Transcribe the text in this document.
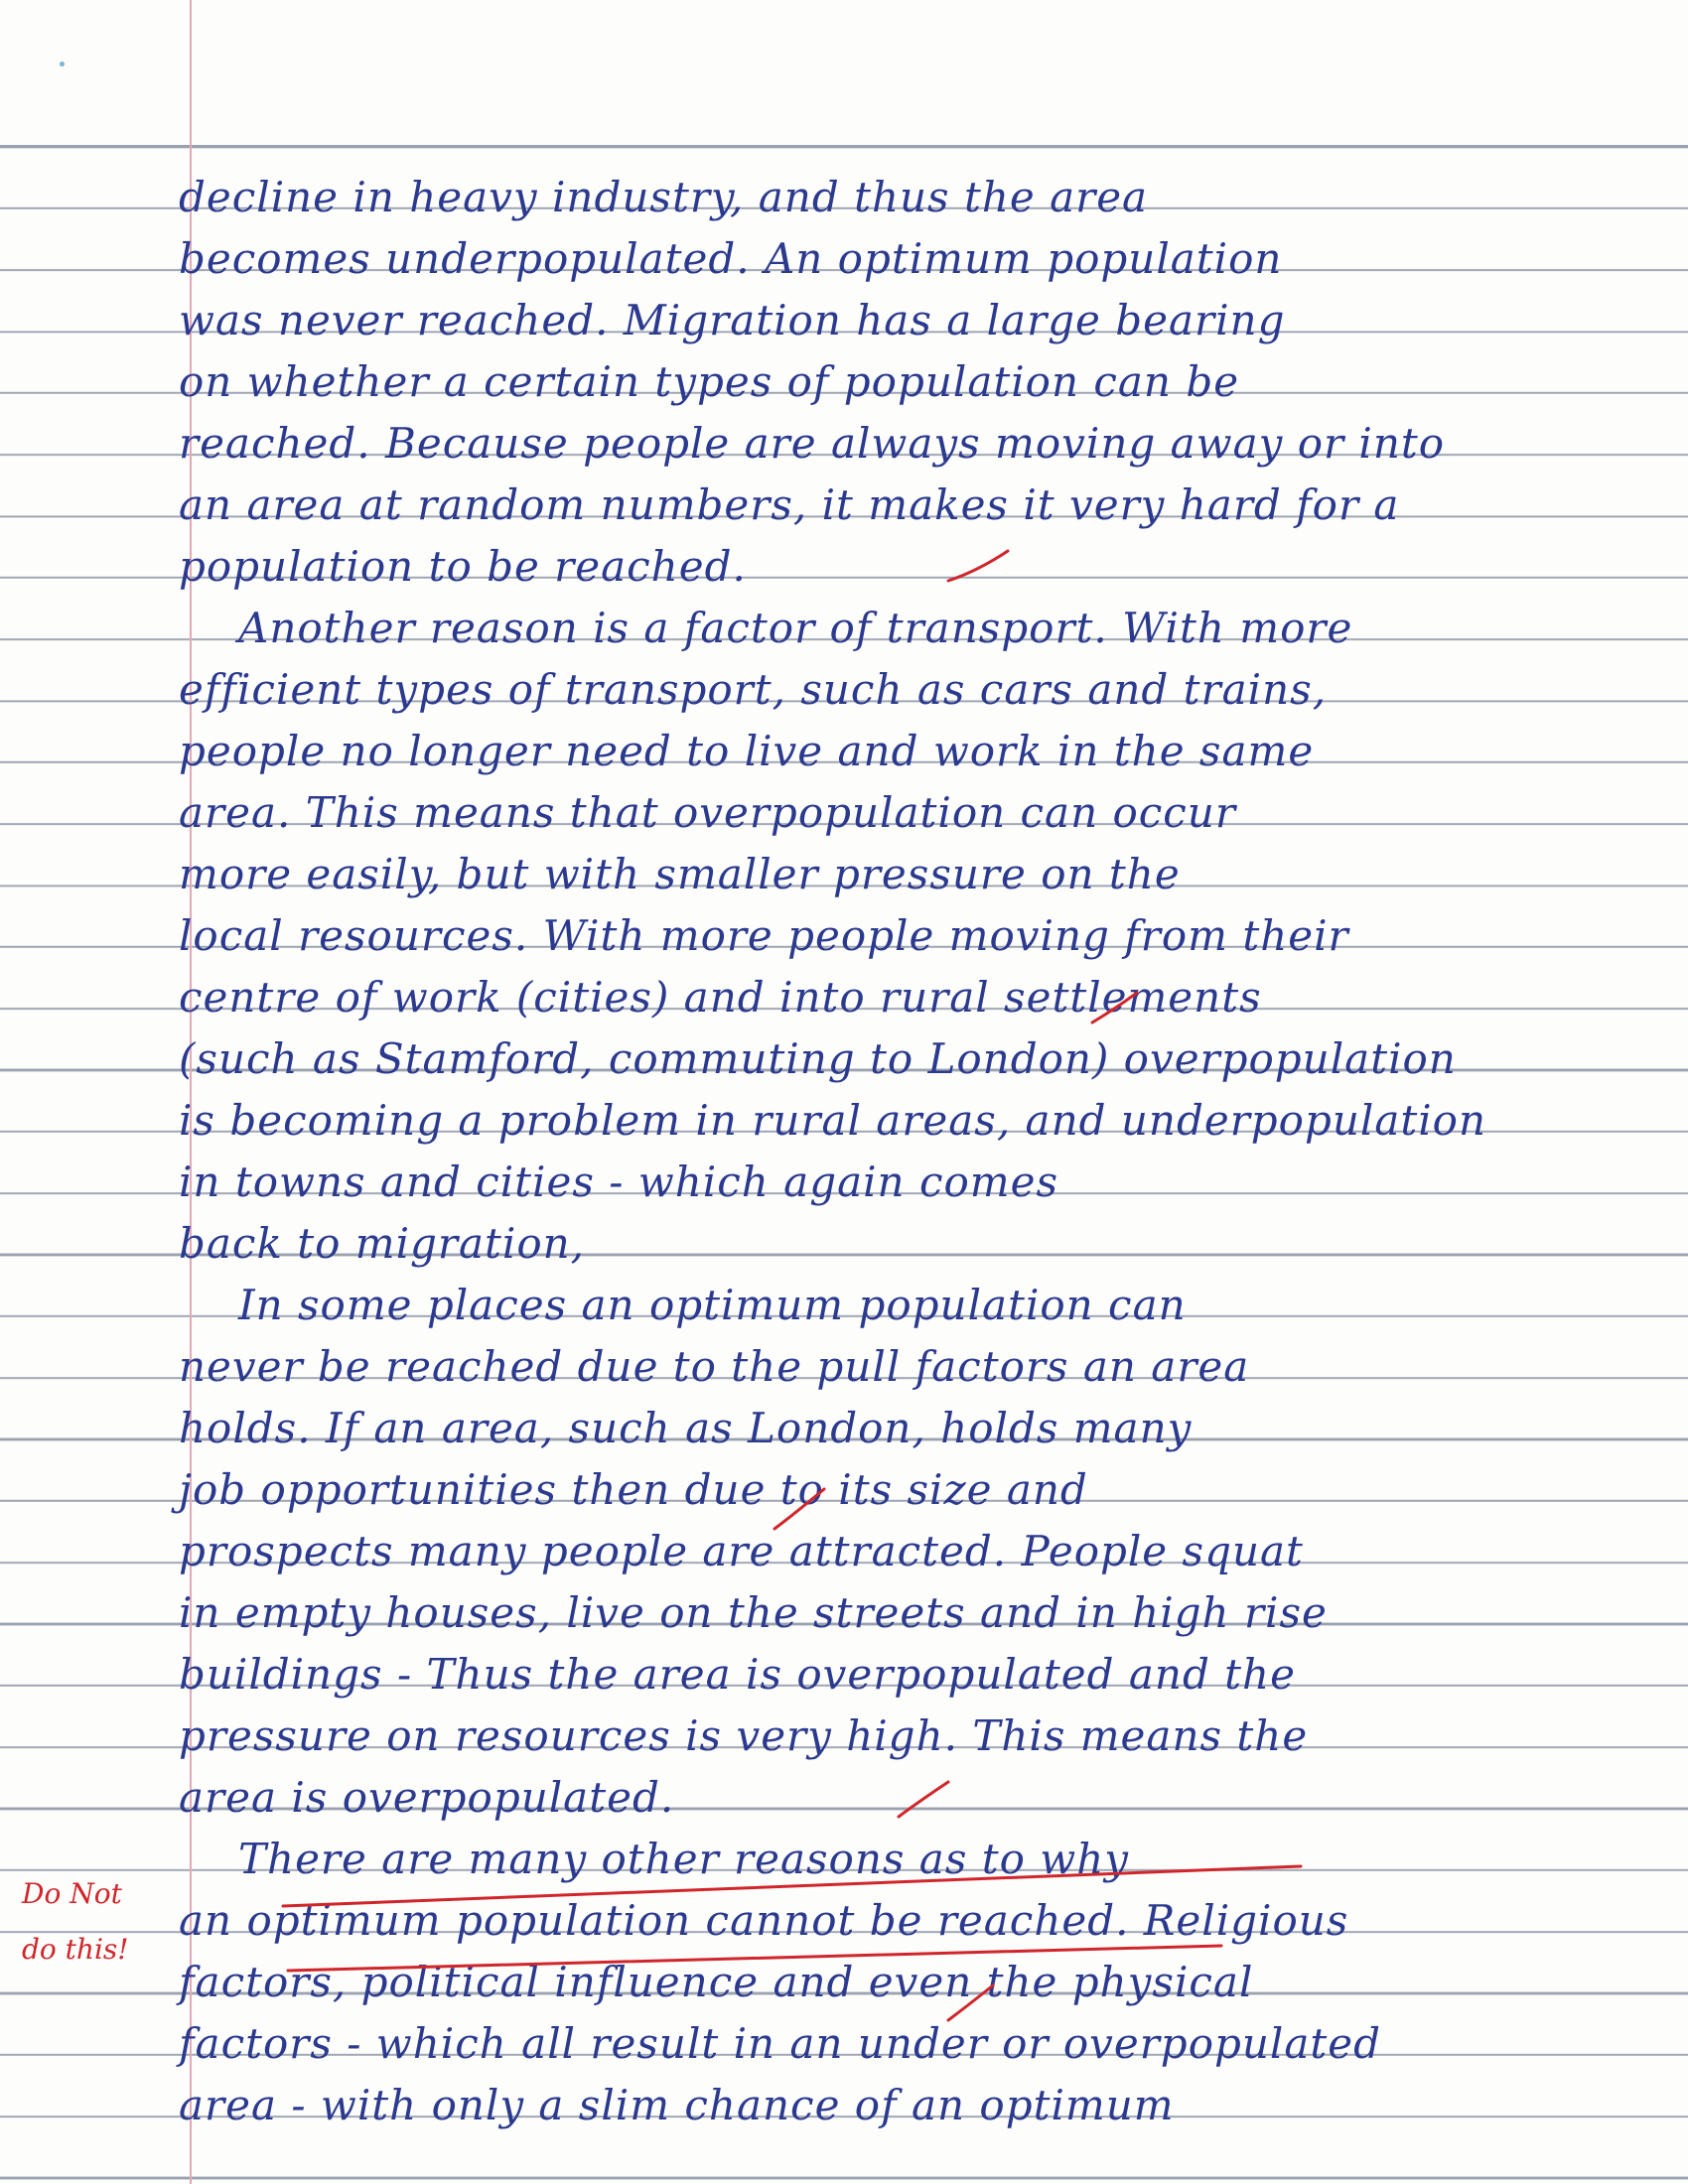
decline in heavy industry, and thus the area
becomes underpopulated. An optimum population
was never reached. Migration has a large bearing
on whether a certain types of population can be
reached. Because people are always moving away or into
an area at random numbers, it makes it very hard for a
population to be reached.
Another reason is a factor of transport. With more
efficient types of transport, such as cars and trains,
people no longer need to live and work in the same
area. This means that overpopulation can occur
more easily, but with smaller pressure on the
local resources. With more people moving from their
centre of work (cities) and into rural settlements
(such as Stamford, commuting to London) overpopulation
is becoming a problem in rural areas, and underpopulation
in towns and cities - which again comes
back to migration,
In some places an optimum population can
never be reached due to the pull factors an area
holds. If an area, such as London, holds many
job opportunities then due to its size and
prospects many people are attracted. People squat
in empty houses, live on the streets and in high rise
buildings - Thus the area is overpopulated and the
pressure on resources is very high. This means the
area is overpopulated.
There are many other reasons as to why
an optimum population cannot be reached. Religious
factors, political influence and even the physical
factors - which all result in an under or overpopulated
area - with only a slim chance of an optimum
Do Not
do this!
